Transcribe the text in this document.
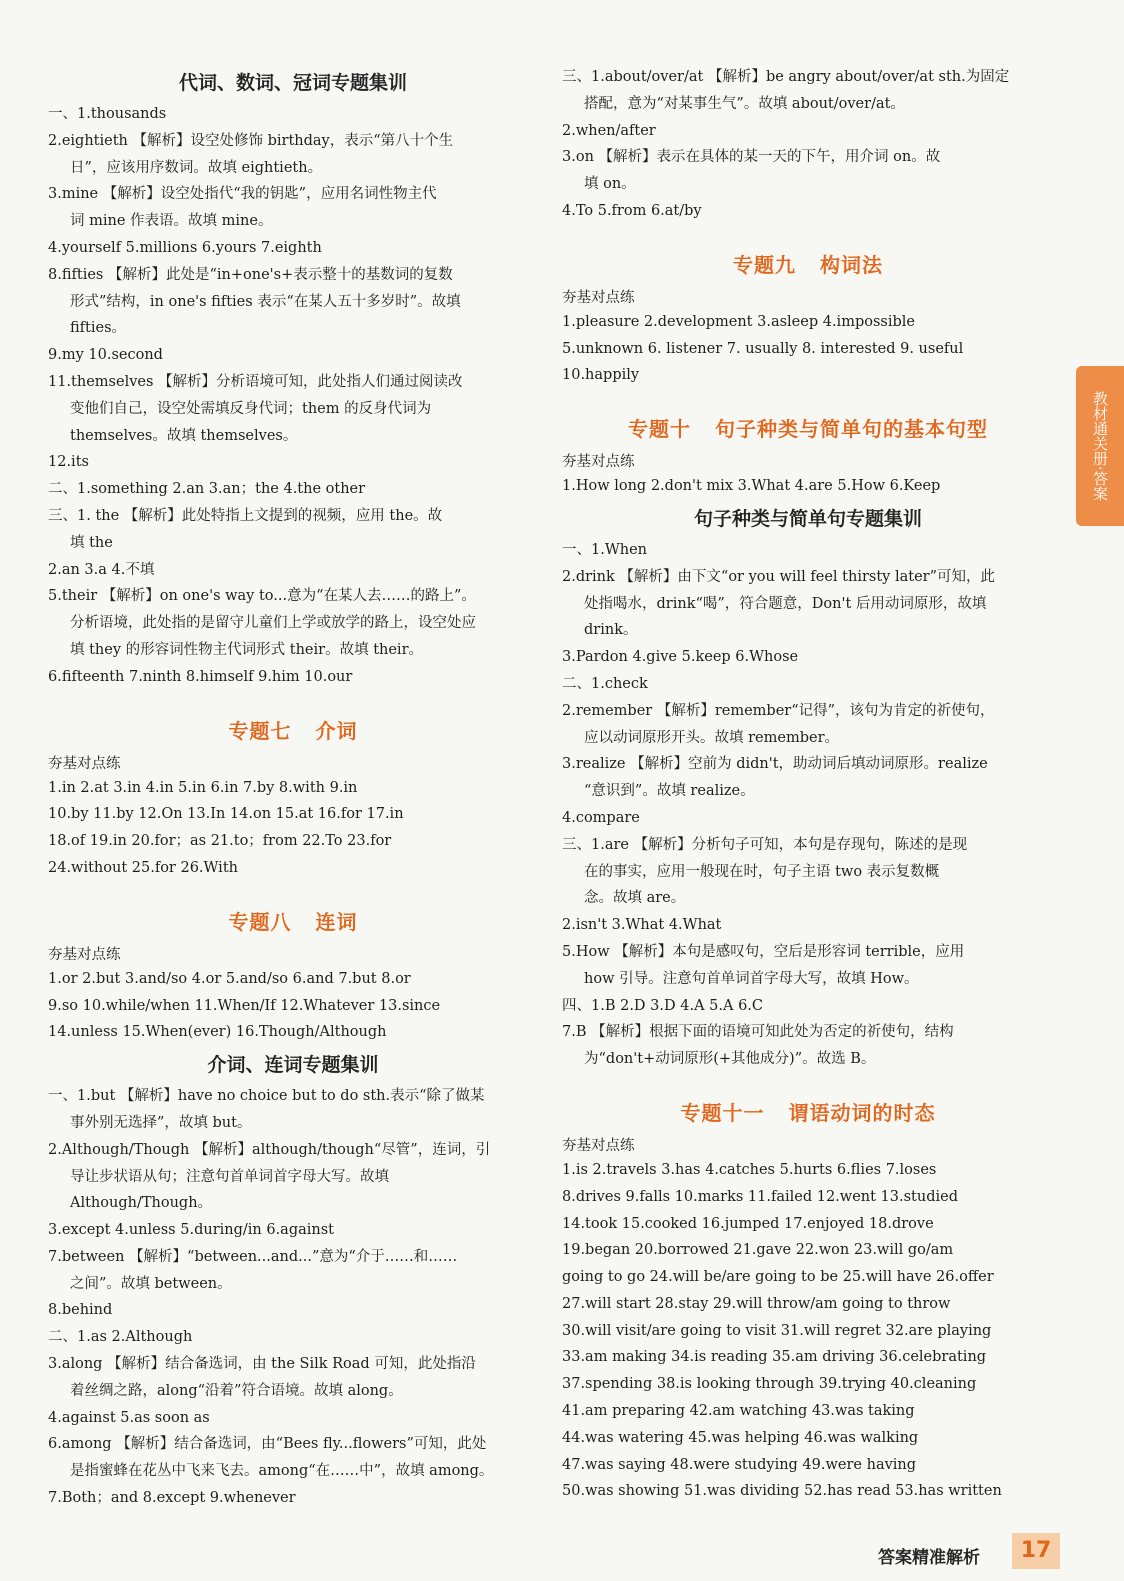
代词、数词、冠词专题集训
一、1.thousands
2.eightieth 【解析】设空处修饰 birthday，表示“第八十个生
日”，应该用序数词。故填 eightieth。
3.mine 【解析】设空处指代“我的钥匙”，应用名词性物主代
词 mine 作表语。故填 mine。
4.yourself 5.millions 6.yours 7.eighth
8.fifties 【解析】此处是“in+one's+表示整十的基数词的复数
形式”结构，in one's fifties 表示“在某人五十多岁时”。故填
fifties。
9.my 10.second
11.themselves 【解析】分析语境可知，此处指人们通过阅读改
变他们自己，设空处需填反身代词；them 的反身代词为
themselves。故填 themselves。
12.its
二、1.something 2.an 3.an；the 4.the other
三、1. the 【解析】此处特指上文提到的视频，应用 the。故
填 the
2.an 3.a 4.不填
5.their 【解析】on one's way to...意为“在某人去……的路上”。
分析语境，此处指的是留守儿童们上学或放学的路上，设空处应
填 they 的形容词性物主代词形式 their。故填 their。
6.fifteenth 7.ninth 8.himself 9.him 10.our
专题七 介词
夯基对点练
1.in 2.at 3.in 4.in 5.in 6.in 7.by 8.with 9.in
10.by 11.by 12.On 13.In 14.on 15.at 16.for 17.in
18.of 19.in 20.for；as 21.to；from 22.To 23.for
24.without 25.for 26.With
专题八 连词
夯基对点练
1.or 2.but 3.and/so 4.or 5.and/so 6.and 7.but 8.or
9.so 10.while/when 11.When/If 12.Whatever 13.since
14.unless 15.When(ever) 16.Though/Although
介词、连词专题集训
一、1.but 【解析】have no choice but to do sth.表示“除了做某
事外别无选择”，故填 but。
2.Although/Though 【解析】although/though“尽管”，连词，引
导让步状语从句；注意句首单词首字母大写。故填
Although/Though。
3.except 4.unless 5.during/in 6.against
7.between 【解析】“between...and...”意为“介于……和……
之间”。故填 between。
8.behind
二、1.as 2.Although
3.along 【解析】结合备选词，由 the Silk Road 可知，此处指沿
着丝绸之路，along“沿着”符合语境。故填 along。
4.against 5.as soon as
6.among 【解析】结合备选词，由“Bees fly...flowers”可知，此处
是指蜜蜂在花丛中飞来飞去。among“在……中”，故填 among。
7.Both；and 8.except 9.whenever
三、1.about/over/at 【解析】be angry about/over/at sth.为固定
搭配，意为“对某事生气”。故填 about/over/at。
2.when/after
3.on 【解析】表示在具体的某一天的下午，用介词 on。故
填 on。
4.To 5.from 6.at/by
专题九 构词法
夯基对点练
1.pleasure 2.development 3.asleep 4.impossible
5.unknown 6. listener 7. usually 8. interested 9. useful
10.happily
专题十 句子种类与简单句的基本句型
夯基对点练
1.How long 2.don't mix 3.What 4.are 5.How 6.Keep
句子种类与简单句专题集训
一、1.When
2.drink 【解析】由下文“or you will feel thirsty later”可知，此
处指喝水，drink“喝”，符合题意，Don't 后用动词原形，故填
drink。
3.Pardon 4.give 5.keep 6.Whose
二、1.check
2.remember 【解析】remember“记得”，该句为肯定的祈使句，
应以动词原形开头。故填 remember。
3.realize 【解析】空前为 didn't，助动词后填动词原形。realize
“意识到”。故填 realize。
4.compare
三、1.are 【解析】分析句子可知，本句是存现句，陈述的是现
在的事实，应用一般现在时，句子主语 two 表示复数概
念。故填 are。
2.isn't 3.What 4.What
5.How 【解析】本句是感叹句，空后是形容词 terrible，应用
how 引导。注意句首单词首字母大写，故填 How。
四、1.B 2.D 3.D 4.A 5.A 6.C
7.B 【解析】根据下面的语境可知此处为否定的祈使句，结构
为“don't+动词原形(+其他成分)”。故选 B。
专题十一 谓语动词的时态
夯基对点练
1.is 2.travels 3.has 4.catches 5.hurts 6.flies 7.loses
8.drives 9.falls 10.marks 11.failed 12.went 13.studied
14.took 15.cooked 16.jumped 17.enjoyed 18.drove
19.began 20.borrowed 21.gave 22.won 23.will go/am
going to go 24.will be/are going to be 25.will have 26.offer
27.will start 28.stay 29.will throw/am going to throw
30.will visit/are going to visit 31.will regret 32.are playing
33.am making 34.is reading 35.am driving 36.celebrating
37.spending 38.is looking through 39.trying 40.cleaning
41.am preparing 42.am watching 43.was taking
44.was watering 45.was helping 46.was walking
47.was saying 48.were studying 49.were having
50.was showing 51.was dividing 52.has read 53.has written
教材通关册·答案
答案精准解析	17
